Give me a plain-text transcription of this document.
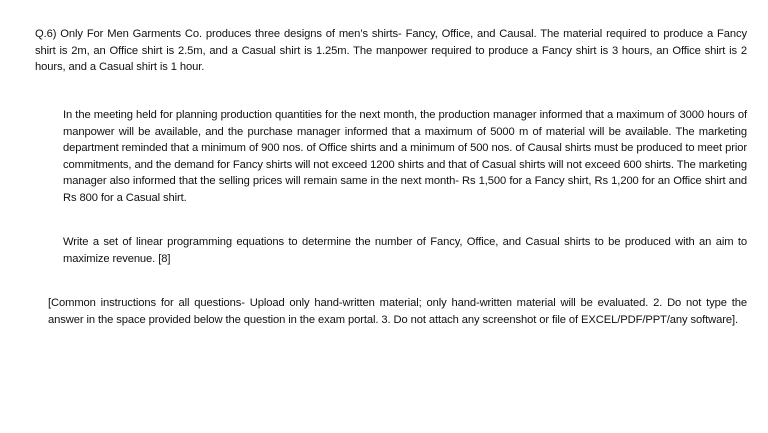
Q.6) Only For Men Garments Co. produces three designs of men’s shirts- Fancy, Office, and Causal. The material required to produce a Fancy shirt is 2m, an Office shirt is 2.5m, and a Casual shirt is 1.25m. The manpower required to produce a Fancy shirt is 3 hours, an Office shirt is 2 hours, and a Casual shirt is 1 hour.

In the meeting held for planning production quantities for the next month, the production manager informed that a maximum of 3000 hours of manpower will be available, and the purchase manager informed that a maximum of 5000 m of material will be available. The marketing department reminded that a minimum of 900 nos. of Office shirts and a minimum of 500 nos. of Causal shirts must be produced to meet prior commitments, and the demand for Fancy shirts will not exceed 1200 shirts and that of Casual shirts will not exceed 600 shirts. The marketing manager also informed that the selling prices will remain same in the next month- Rs 1,500 for a Fancy shirt, Rs 1,200 for an Office shirt and Rs 800 for a Casual shirt.

Write a set of linear programming equations to determine the number of Fancy, Office, and Casual shirts to be produced with an aim to maximize revenue. [8]

[Common instructions for all questions- Upload only hand-written material; only hand-written material will be evaluated. 2. Do not type the answer in the space provided below the question in the exam portal. 3. Do not attach any screenshot or file of EXCEL/PDF/PPT/any software].
